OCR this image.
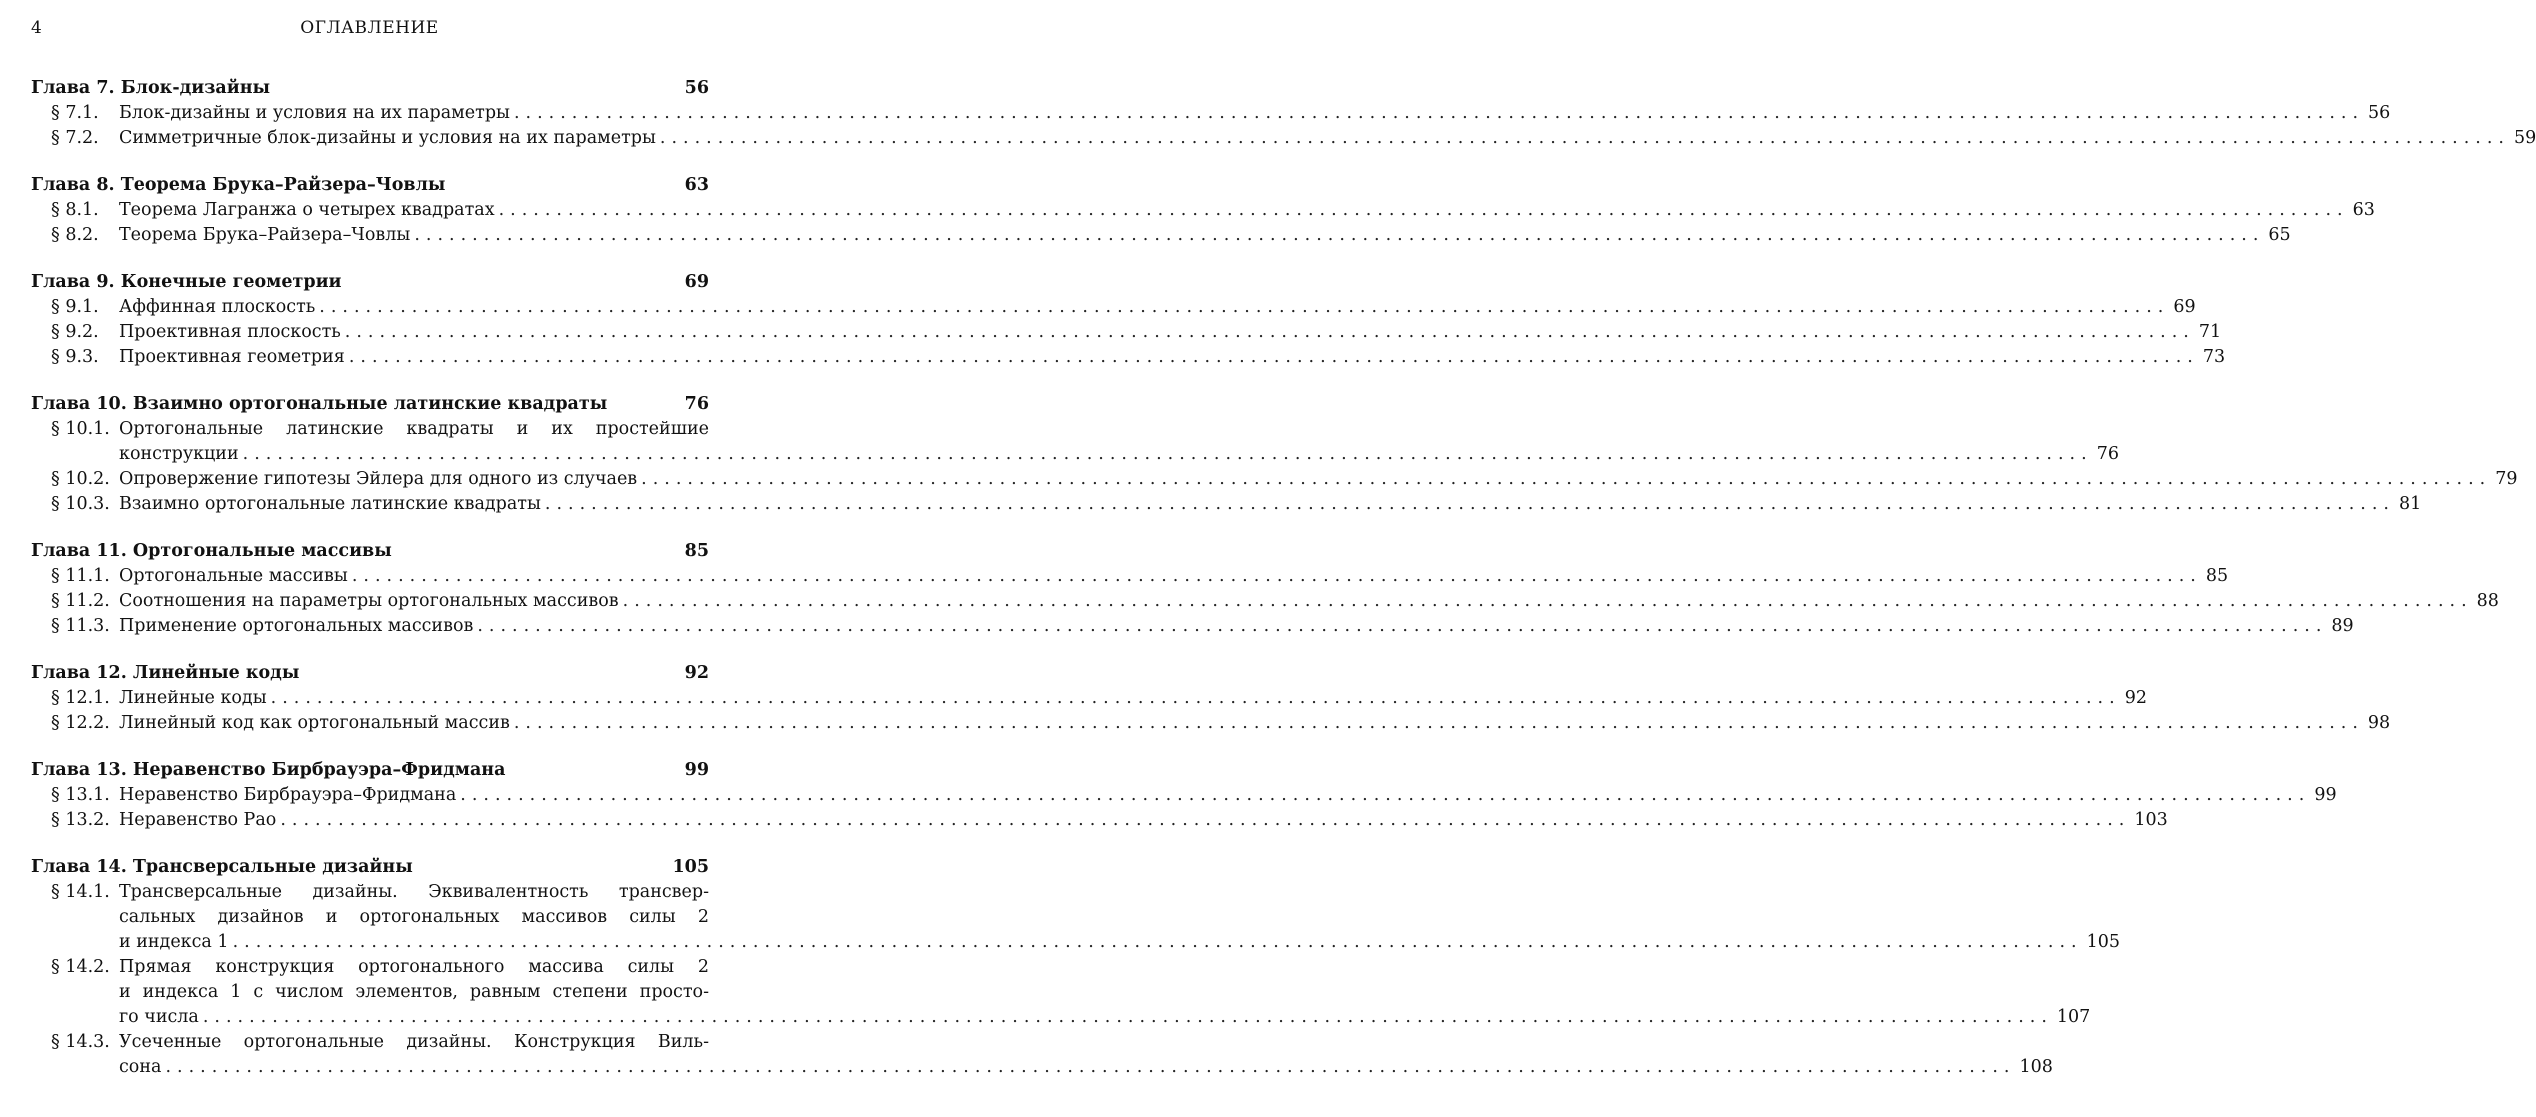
4	ОГЛАВЛЕНИЕ
Глава 7. Блок-дизайны	56
§ 7.1.	Блок-дизайны и условия на их параметры ................................................................................................................................................................ 56
§ 7.2.	Симметричные блок-дизайны и условия на их параметры ................................................................................................................................................................ 59
Глава 8. Теорема Брука–Райзера–Човлы	63
§ 8.1.	Теорема Лагранжа о четырех квадратах ................................................................................................................................................................ 63
§ 8.2.	Теорема Брука–Райзера–Човлы ................................................................................................................................................................ 65
Глава 9. Конечные геометрии	69
§ 9.1.	Аффинная плоскость ................................................................................................................................................................ 69
§ 9.2.	Проективная плоскость ................................................................................................................................................................ 71
§ 9.3.	Проективная геометрия ................................................................................................................................................................ 73
Глава 10. Взаимно ортогональные латинские квадраты	76
§ 10.1. Ортогональные латинские квадраты и их простейшие
конструкции ................................................................................................................................................................ 76
§ 10.2. Опровержение гипотезы Эйлера для одного из случаев ................................................................................................................................................................ 79
§ 10.3. Взаимно ортогональные латинские квадраты ................................................................................................................................................................ 81
Глава 11. Ортогональные массивы	85
§ 11.1. Ортогональные массивы ................................................................................................................................................................ 85
§ 11.2. Соотношения на параметры ортогональных массивов ................................................................................................................................................................ 88
§ 11.3. Применение ортогональных массивов ................................................................................................................................................................ 89
Глава 12. Линейные коды	92
§ 12.1. Линейные коды ................................................................................................................................................................ 92
§ 12.2. Линейный код как ортогональный массив ................................................................................................................................................................ 98
Глава 13. Неравенство Бирбрауэра–Фридмана	99
§ 13.1. Неравенство Бирбрауэра–Фридмана ................................................................................................................................................................ 99
§ 13.2. Неравенство Рао ................................................................................................................................................................ 103
Глава 14. Трансверсальные дизайны	105
§ 14.1. Трансверсальные дизайны. Эквивалентность трансвер-
сальных дизайнов и ортогональных массивов силы 2
и индекса 1 ................................................................................................................................................................ 105
§ 14.2. Прямая конструкция ортогонального массива силы 2
и индекса 1 с числом элементов, равным степени просто-
го числа ................................................................................................................................................................ 107
§ 14.3. Усеченные ортогональные дизайны. Конструкция Виль-
сона ................................................................................................................................................................ 108
